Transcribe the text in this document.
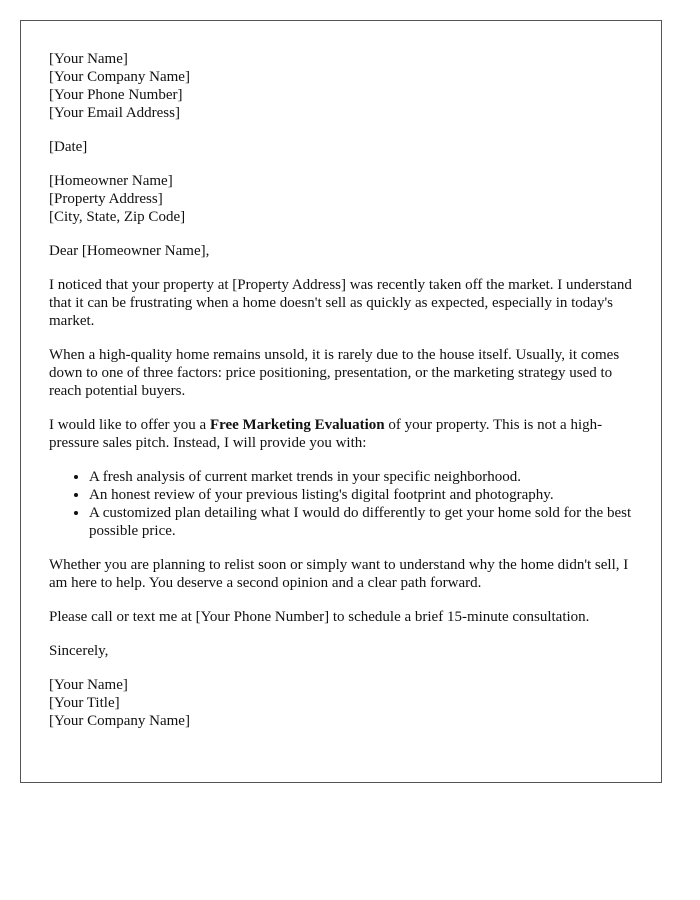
[Your Name]
[Your Company Name]
[Your Phone Number]
[Your Email Address]

[Date]

[Homeowner Name]
[Property Address]
[City, State, Zip Code]

Dear [Homeowner Name],

I noticed that your property at [Property Address] was recently taken off the market. I understand that it can be frustrating when a home doesn't sell as quickly as expected, especially in today's market.

When a high-quality home remains unsold, it is rarely due to the house itself. Usually, it comes down to one of three factors: price positioning, presentation, or the marketing strategy used to reach potential buyers.

I would like to offer you a Free Marketing Evaluation of your property. This is not a high-pressure sales pitch. Instead, I will provide you with:

• A fresh analysis of current market trends in your specific neighborhood.
• An honest review of your previous listing's digital footprint and photography.
• A customized plan detailing what I would do differently to get your home sold for the best possible price.

Whether you are planning to relist soon or simply want to understand why the home didn't sell, I am here to help. You deserve a second opinion and a clear path forward.

Please call or text me at [Your Phone Number] to schedule a brief 15-minute consultation.

Sincerely,

[Your Name]
[Your Title]
[Your Company Name]
